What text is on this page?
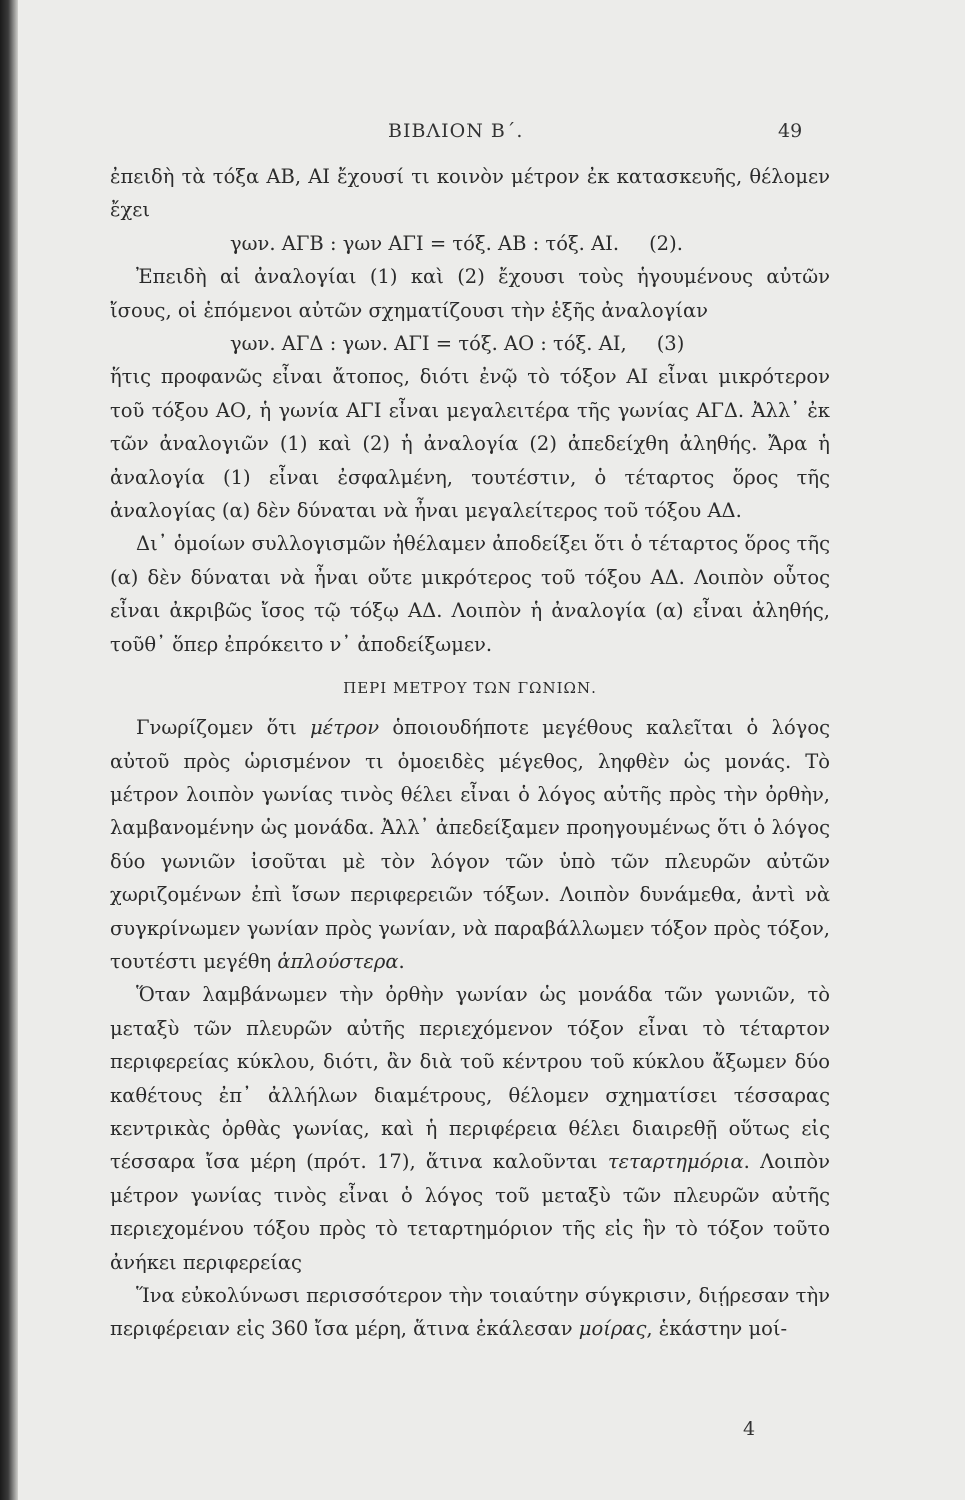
ΒΙΒΛΙΟΝ Β΄.	49

ἐπειδὴ τὰ τόξα ΑΒ, ΑΙ ἔχουσί τι κοινὸν μέτρον ἐκ κατασκευῆς, θέλομεν ἔχει

γων. ΑΓΒ : γων ΑΓΙ = τόξ. ΑΒ : τόξ. ΑΙ. (2).

Ἐπειδὴ αἱ ἀναλογίαι (1) καὶ (2) ἔχουσι τοὺς ἡγουμένους αὐτῶν ἴσους, οἱ ἑπόμενοι αὐτῶν σχηματίζουσι τὴν ἑξῆς ἀναλογίαν

γων. ΑΓΔ : γων. ΑΓΙ = τόξ. ΑΟ : τόξ. ΑΙ, (3)

ἥτις προφανῶς εἶναι ἄτοπος, διότι ἐνῷ τὸ τόξον ΑΙ εἶναι μικρότερον τοῦ τόξου ΑΟ, ἡ γωνία ΑΓΙ εἶναι μεγαλειτέρα τῆς γωνίας ΑΓΔ. Ἀλλ᾽ ἐκ τῶν ἀναλογιῶν (1) καὶ (2) ἡ ἀναλογία (2) ἀπεδείχθη ἀληθής. Ἄρα ἡ ἀναλογία (1) εἶναι ἐσφαλμένη, τουτέστιν, ὁ τέταρτος ὅρος τῆς ἀναλογίας (α) δὲν δύναται νὰ ἦναι μεγαλείτερος τοῦ τόξου ΑΔ.

Δι᾽ ὁμοίων συλλογισμῶν ἠθέλαμεν ἀποδείξει ὅτι ὁ τέταρτος ὅρος τῆς (α) δὲν δύναται νὰ ἦναι οὔτε μικρότερος τοῦ τόξου ΑΔ. Λοιπὸν οὗτος εἶναι ἀκριβῶς ἴσος τῷ τόξῳ ΑΔ. Λοιπὸν ἡ ἀναλογία (α) εἶναι ἀληθής, τοῦθ᾽ ὅπερ ἐπρόκειτο ν᾽ ἀποδείξωμεν.

ΠΕΡΙ ΜΕΤΡΟΥ ΤΩΝ ΓΩΝΙΩΝ.

Γνωρίζομεν ὅτι μέτρον ὁποιουδήποτε μεγέθους καλεῖται ὁ λόγος αὐτοῦ πρὸς ὡρισμένον τι ὁμοειδὲς μέγεθος, ληφθὲν ὡς μονάς. Τὸ μέτρον λοιπὸν γωνίας τινὸς θέλει εἶναι ὁ λόγος αὐτῆς πρὸς τὴν ὀρθὴν, λαμβανομένην ὡς μονάδα. Ἀλλ᾽ ἀπεδείξαμεν προηγουμένως ὅτι ὁ λόγος δύο γωνιῶν ἰσοῦται μὲ τὸν λόγον τῶν ὑπὸ τῶν πλευρῶν αὐτῶν χωριζομένων ἐπὶ ἴσων περιφερειῶν τόξων. Λοιπὸν δυνάμεθα, ἀντὶ νὰ συγκρίνωμεν γωνίαν πρὸς γωνίαν, νὰ παραβάλλωμεν τόξον πρὸς τόξον, τουτέστι μεγέθη ἁπλούστερα.

Ὅταν λαμβάνωμεν τὴν ὀρθὴν γωνίαν ὡς μονάδα τῶν γωνιῶν, τὸ μεταξὺ τῶν πλευρῶν αὐτῆς περιεχόμενον τόξον εἶναι τὸ τέταρτον περιφερείας κύκλου, διότι, ἂν διὰ τοῦ κέντρου τοῦ κύκλου ἄξωμεν δύο καθέτους ἐπ᾽ ἀλλήλων διαμέτρους, θέλομεν σχηματίσει τέσσαρας κεντρικὰς ὀρθὰς γωνίας, καὶ ἡ περιφέρεια θέλει διαιρεθῇ οὕτως εἰς τέσσαρα ἴσα μέρη (πρότ. 17), ἅτινα καλοῦνται τεταρτημόρια. Λοιπὸν μέτρον γωνίας τινὸς εἶναι ὁ λόγος τοῦ μεταξὺ τῶν πλευρῶν αὐτῆς περιεχομένου τόξου πρὸς τὸ τεταρτημόριον τῆς εἰς ἣν τὸ τόξον τοῦτο ἀνήκει περιφερείας

Ἵνα εὐκολύνωσι περισσότερον τὴν τοιαύτην σύγκρισιν, διῄρεσαν τὴν περιφέρειαν εἰς 360 ἴσα μέρη, ἅτινα ἐκάλεσαν μοίρας, ἑκάστην μοί-

4
